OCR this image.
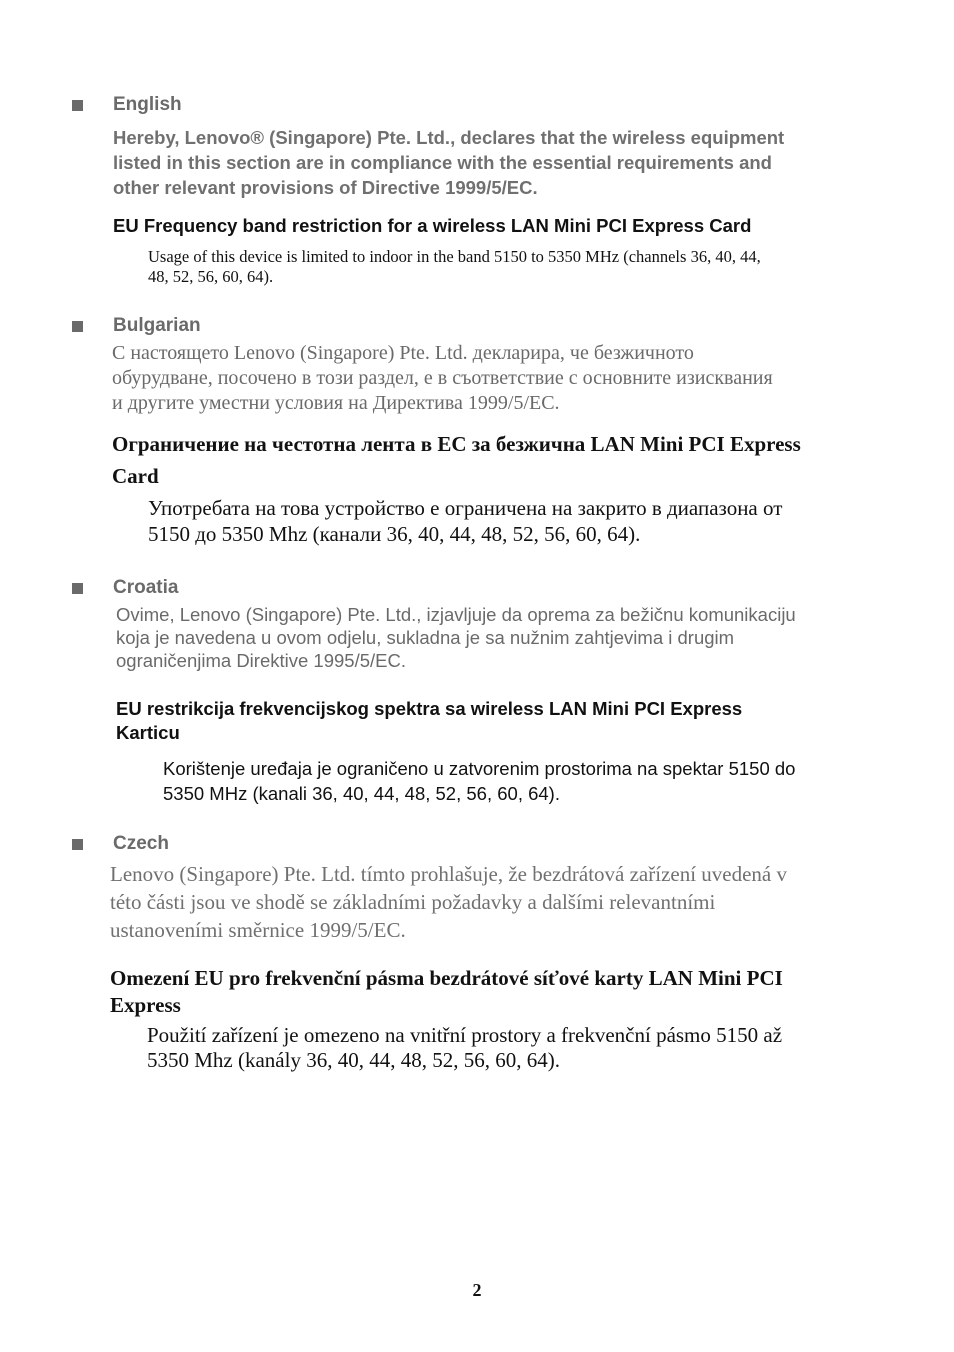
English
Hereby, Lenovo® (Singapore) Pte. Ltd., declares that the wireless equipment
listed in this section are in compliance with the essential requirements and
other relevant provisions of Directive 1999/5/EC.
EU Frequency band restriction for a wireless LAN Mini PCI Express Card
Usage of this device is limited to indoor in the band 5150 to 5350 MHz (channels 36, 40, 44,
48, 52, 56, 60, 64).
Bulgarian
С настоящето Lenovo (Singapore) Pte. Ltd. декларира, че безжичното
обурудване, посочено в този раздел, е в съответствие с основните изисквания
и другите уместни условия на Директива 1999/5/EC.
Ограничение на честотна лента в ЕС за безжична LAN Mini PCI Express
Card
Употребата на това устройство е ограничена на закрито в диапазона от
5150 до 5350 Mhz (канали 36, 40, 44, 48, 52, 56, 60, 64).
Croatia
Ovime, Lenovo (Singapore) Pte. Ltd., izjavljuje da oprema za bežičnu komunikaciju
koja je navedena u ovom odjelu, sukladna je sa nužnim zahtjevima i drugim
ograničenjima Direktive 1995/5/EC.
EU restrikcija frekvencijskog spektra sa wireless LAN Mini PCI Express
Karticu
Korištenje uređaja je ograničeno u zatvorenim prostorima na spektar 5150 do
5350 MHz (kanali 36, 40, 44, 48, 52, 56, 60, 64).
Czech
Lenovo (Singapore) Pte. Ltd. tímto prohlašuje, že bezdrátová zařízení uvedená v
této části jsou ve shodě se základními požadavky a dalšími relevantními
ustanoveními směrnice 1999/5/EC.
Omezení EU pro frekvenční pásma bezdrátové síťové karty LAN Mini PCI
Express
Použití zařízení je omezeno na vnitřní prostory a frekvenční pásmo 5150 až
5350 Mhz (kanály 36, 40, 44, 48, 52, 56, 60, 64).
2
